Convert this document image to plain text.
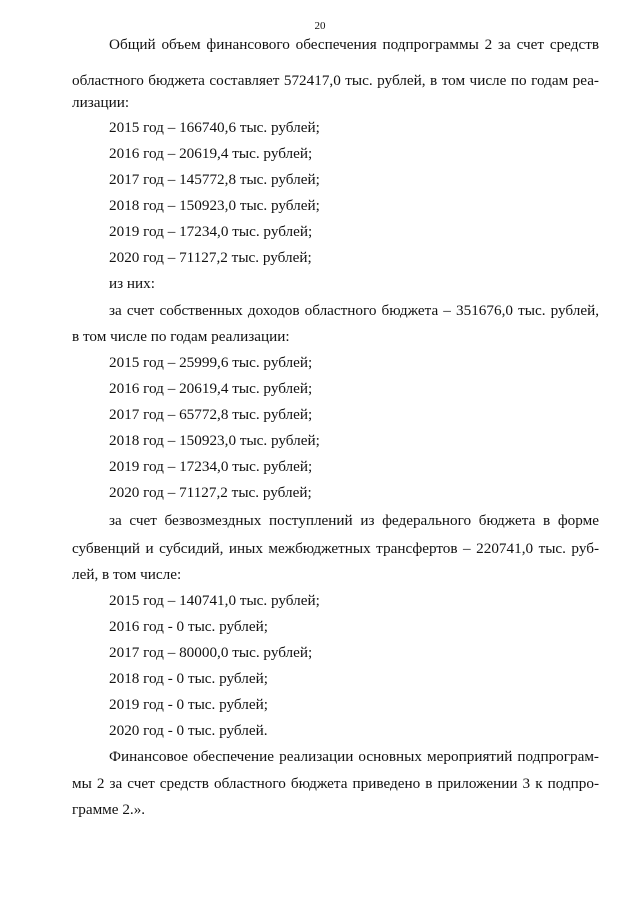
20
Общий объем финансового обеспечения подпрограммы 2 за счет средств
областного бюджета составляет 572417,0 тыс. рублей, в том числе по годам реа-
лизации:
2015 год – 166740,6 тыс. рублей;
2016 год – 20619,4 тыс. рублей;
2017 год – 145772,8 тыс. рублей;
2018 год – 150923,0 тыс. рублей;
2019 год – 17234,0 тыс. рублей;
2020 год – 71127,2 тыс. рублей;
из них:
за счет собственных доходов областного бюджета – 351676,0 тыс. рублей,
в том числе по годам реализации:
2015 год – 25999,6 тыс. рублей;
2016 год – 20619,4 тыс. рублей;
2017 год – 65772,8 тыс. рублей;
2018 год – 150923,0 тыс. рублей;
2019 год – 17234,0 тыс. рублей;
2020 год – 71127,2 тыс. рублей;
за счет безвозмездных поступлений из федерального бюджета в форме
субвенций и субсидий, иных межбюджетных трансфертов – 220741,0 тыс. руб-
лей, в том числе:
2015 год – 140741,0 тыс. рублей;
2016 год - 0 тыс. рублей;
2017 год – 80000,0 тыс. рублей;
2018 год - 0 тыс. рублей;
2019 год - 0 тыс. рублей;
2020 год - 0 тыс. рублей.
Финансовое обеспечение реализации основных мероприятий подпрограм-
мы 2 за счет средств областного бюджета приведено в приложении 3 к подпро-
грамме 2.».
